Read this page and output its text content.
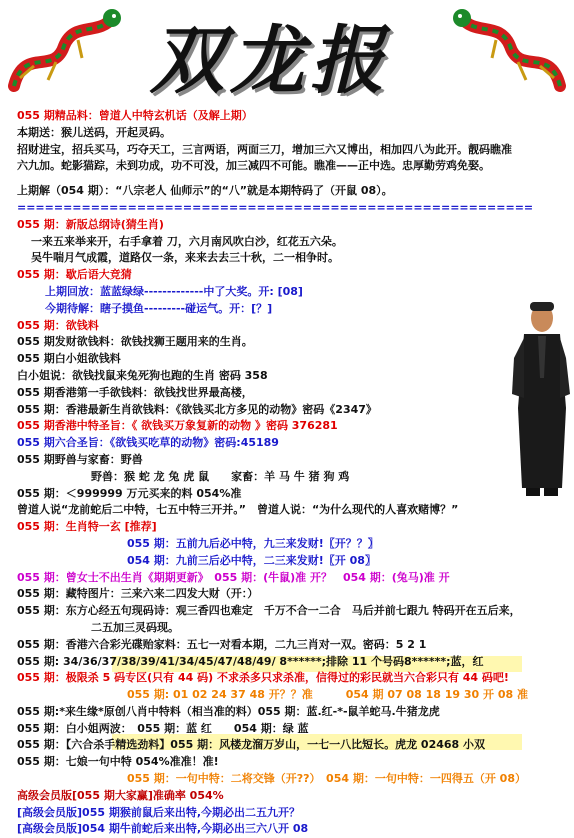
双龙报
055 期精品料：曾道人中特玄机话（及解上期）
本期送：猴儿送码，开起灵码。
招财进宝，招兵买马，巧夺天工，三言两语，两面三刀，增加三六又博出，相加四八为此开。靓码瞧准
六九加。蛇影猫踪，未到功成，功不可没，加三减四不可能。瞧准——正中选。忠厚勤劳鸡免娶。
上期解（054 期）：“八宗老人 仙师示”的“八”就是本期特码了（开鼠 08）。
========================================================
055 期：新版总纲诗(猜生肖)
一来五来举来开，右手拿着 刀，六月南风吹白沙，红花五六朵。
吴牛喘月气成霞，道路仅一条，来来去去三十秋，二一相争时。
055 期：歇后语大竞猜
上期回放：蓝蓝绿绿-------------中了大奖。开: [08]
今期待解：瞎子摸鱼---------碰运气。开：[？]
055 期：欲钱料
055 期发财欲钱料：欲钱找狮王题用来的生肖。
055 期白小姐欲钱料
白小姐说：欲钱找鼠来兔死狗也跑的生肖 密码 358
055 期香港第一手欲钱料：欲钱找世界最高楼，
055 期：香港最新生肖欲钱料：《欲钱买北方多见的动物》密码《2347》
055 期香港中特圣旨：《 欲钱买万象复新的动物 》密码 376281
055 期六合圣旨：《欲钱买吃草的动物》密码:45189
055 期野兽与家畜：野兽
野兽：猴 蛇 龙 兔 虎 鼠　　家畜：羊 马 牛 猪 狗 鸡
055 期：＜999999 万元买来的料 054%准
曾道人说“龙前蛇后二中特，七五中特三开并。”　曾道人说：“为什么现代的人喜欢赌博？”
055 期：生肖特一玄 [推荐]
055 期：五前九后必中特，九三来发财!〖开？？〗
054 期：九前三后必中特，二三来发财!〖开 08〗
055 期：曾女士不出生肖《期期更新》　055 期：(牛鼠)准 开？　054 期：(兔马)准 开
055 期：藏特图片：三来六来二四发大财（开：）
055 期：东方心经五句现码诗：观三香四也难定　千万不合一二合　马后并前七跟九 特码开在五后来，
二五加三灵码现。
055 期：香港六合彩光碟贻家料：五七一对看本期，二九三肖对一双。密码：5 2 1
055 期: 34/36/37/38/39/41/34/45/47/48/49/ 8******;排除 11 个号码8******;蓝，红
055 期：极限杀 5 码专区(只有 44 码) 不求杀多只求杀准，信得过的彩民就当六合彩只有 44 码吧!
055 期: 01 02 24 37 48 开？？准　　　054 期 07 08 18 19 30 开 08 准
055 期:*来生缘*原创八肖中特料（相当准的料）055 期：蓝.红-*-鼠羊蛇马.牛猪龙虎
055 期：白小姐两波：　055 期：蓝 红　　054 期：绿 蓝
055 期：【六合杀手精选劲料】055 期：风楼龙溜万岁山，一七一八比短长。虎龙 02468 小双
055 期：七娘一句中特 054%准准！准!
055 期：一句中特：二将交锋（开??）　054 期：一句中特：一四得五（开 08）
高级会员版[055 期大家赢]准确率 054%
[高级会员版]055 期猴前鼠后来出特,今期必出二五九开？
[高级会员版]054 期牛前蛇后来出特,今期必出三六八开 08
